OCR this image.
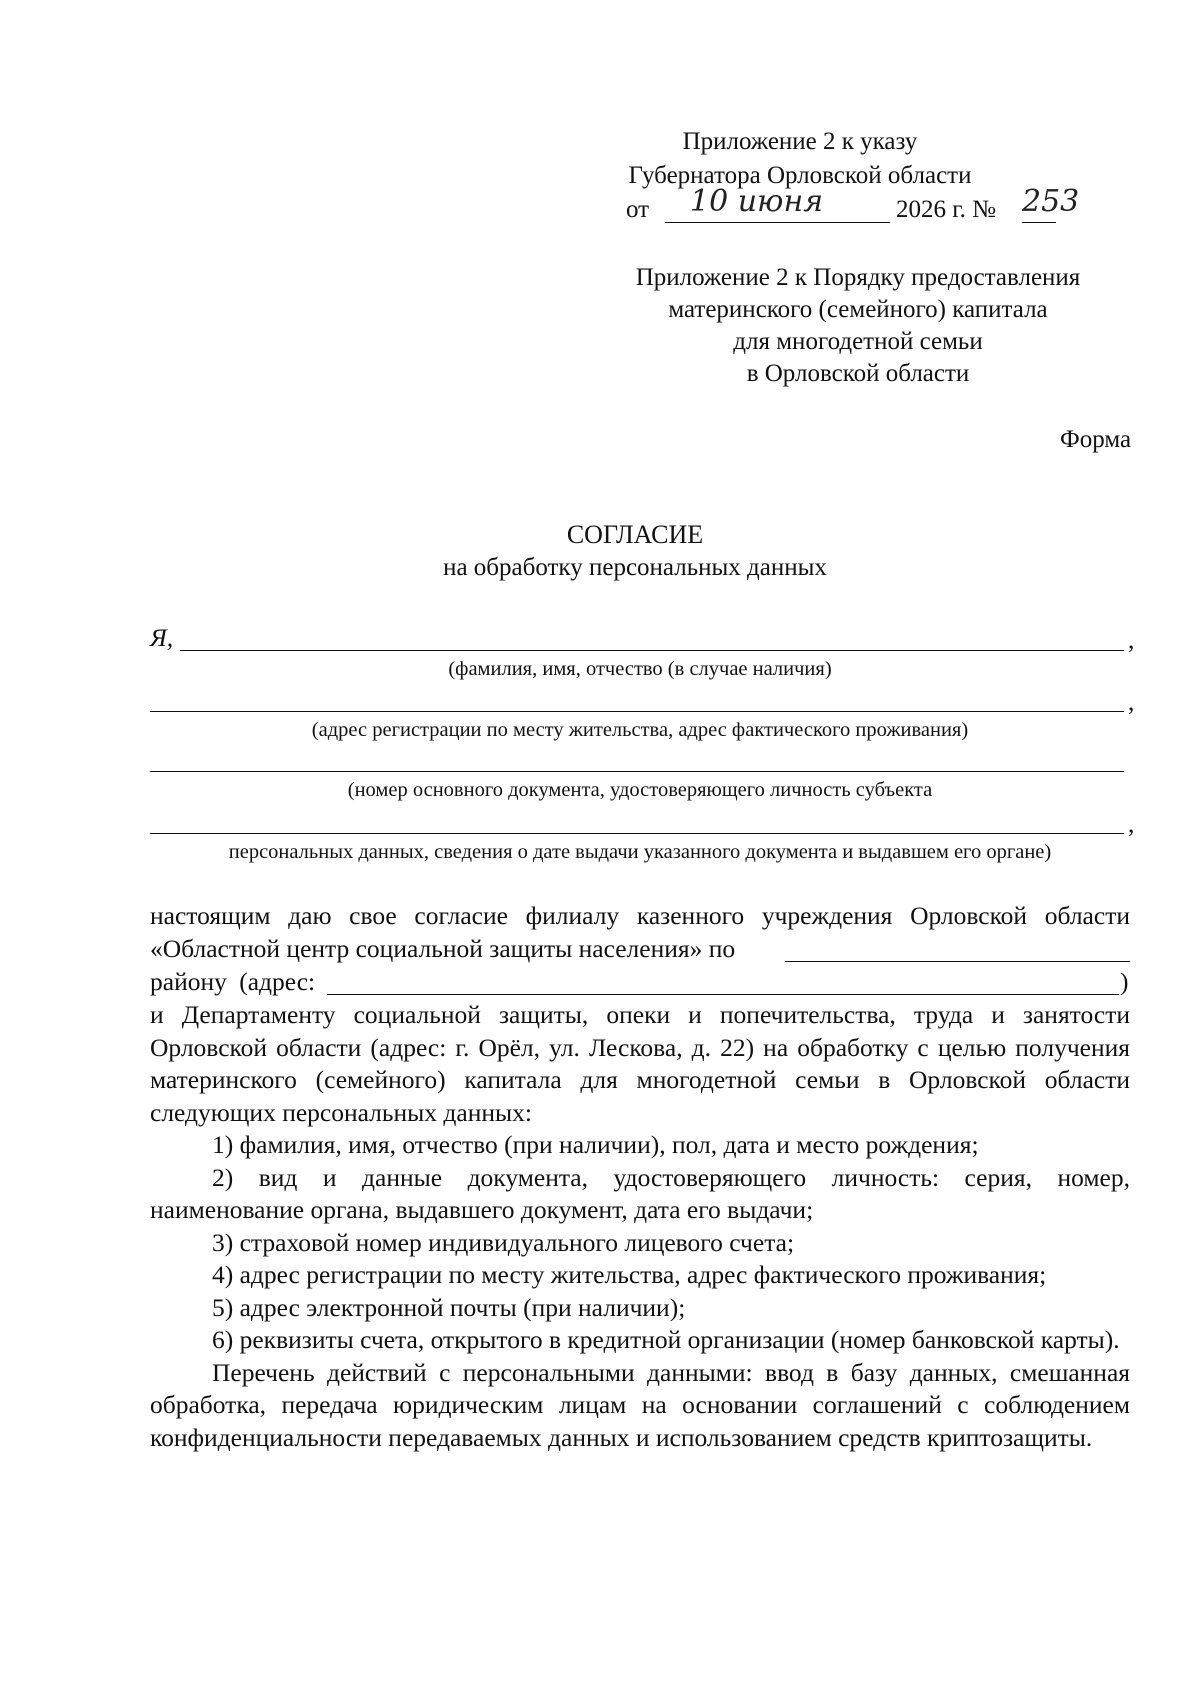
Приложение 2 к указу
Губернатора Орловской области
от 10 июня	2026 г. № 253
Приложение 2 к Порядку предоставления
материнского (семейного) капитала
для многодетной семьи
в Орловской области
Форма
СОГЛАСИЕ
на обработку персональных данных
Я,	,
(фамилия, имя, отчество (в случае наличия)
,
(адрес регистрации по месту жительства, адрес фактического проживания)
(номер основного документа, удостоверяющего личность субъекта
,
персональных данных, сведения о дате выдачи указанного документа и выдавшем его органе)
настоящим даю свое согласие филиалу казенного учреждения Орловской области
«Областной центр социальной защиты населения» по
району (адрес:	)

и Департаменту социальной защиты, опеки и попечительства, труда и занятости Орловской области (адрес: г. Орёл, ул. Лескова, д. 22) на обработку с целью получения материнского (семейного) капитала для многодетной семьи в Орловской области следующих персональных данных:

1) фамилия, имя, отчество (при наличии), пол, дата и место рождения;

2) вид и данные документа, удостоверяющего личность: серия, номер, наименование органа, выдавшего документ, дата его выдачи;

3) страховой номер индивидуального лицевого счета;

4) адрес регистрации по месту жительства, адрес фактического проживания;

5) адрес электронной почты (при наличии);

6) реквизиты счета, открытого в кредитной организации (номер банковской карты).

Перечень действий с персональными данными: ввод в базу данных, смешанная обработка, передача юридическим лицам на основании соглашений с соблюдением конфиденциальности передаваемых данных и использованием средств криптозащиты.
